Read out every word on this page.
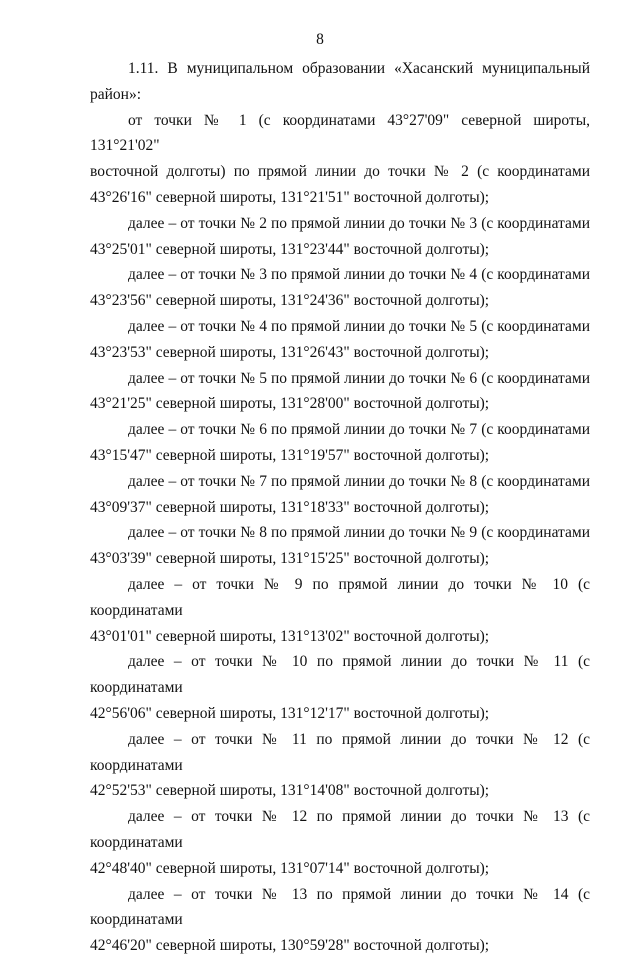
8
1.11. В муниципальном образовании «Хасанский муниципальный
район»:
от точки № 1 (с координатами 43°27'09" северной широты, 131°21'02"
восточной долготы) по прямой линии до точки № 2 (с координатами
43°26'16" северной широты, 131°21'51" восточной долготы);
далее – от точки № 2 по прямой линии до точки № 3 (с координатами
43°25'01" северной широты, 131°23'44" восточной долготы);
далее – от точки № 3 по прямой линии до точки № 4 (с координатами
43°23'56" северной широты, 131°24'36" восточной долготы);
далее – от точки № 4 по прямой линии до точки № 5 (с координатами
43°23'53" северной широты, 131°26'43" восточной долготы);
далее – от точки № 5 по прямой линии до точки № 6 (с координатами
43°21'25" северной широты, 131°28'00" восточной долготы);
далее – от точки № 6 по прямой линии до точки № 7 (с координатами
43°15'47" северной широты, 131°19'57" восточной долготы);
далее – от точки № 7 по прямой линии до точки № 8 (с координатами
43°09'37" северной широты, 131°18'33" восточной долготы);
далее – от точки № 8 по прямой линии до точки № 9 (с координатами
43°03'39" северной широты, 131°15'25" восточной долготы);
далее – от точки № 9 по прямой линии до точки № 10 (с координатами
43°01'01" северной широты, 131°13'02" восточной долготы);
далее – от точки № 10 по прямой линии до точки № 11 (с координатами
42°56'06" северной широты, 131°12'17" восточной долготы);
далее – от точки № 11 по прямой линии до точки № 12 (с координатами
42°52'53" северной широты, 131°14'08" восточной долготы);
далее – от точки № 12 по прямой линии до точки № 13 (с координатами
42°48'40" северной широты, 131°07'14" восточной долготы);
далее – от точки № 13 по прямой линии до точки № 14 (с координатами
42°46'20" северной широты, 130°59'28" восточной долготы);
